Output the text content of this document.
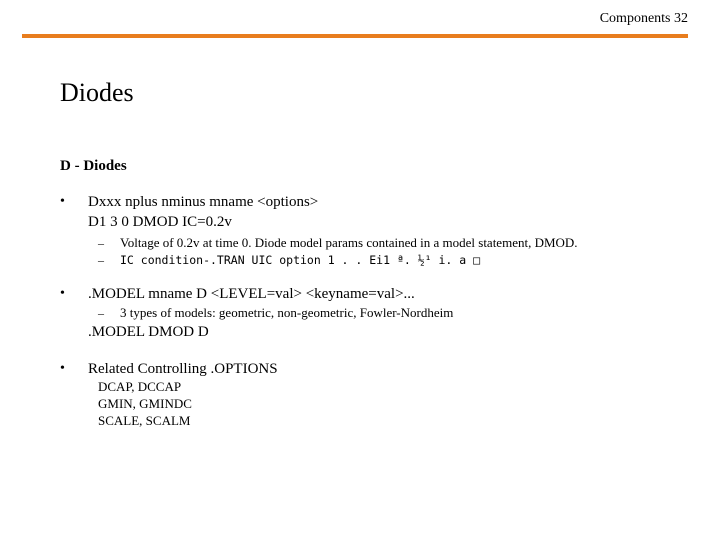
Components 32
Diodes
D - Diodes
• Dxxx nplus nminus mname <options>
D1 3 0 DMOD IC=0.2v
– Voltage of 0.2v at time 0. Diode model params contained in a model statement, DMOD.
– IC condition-.TRAN UIC option 1 . . Ei1 ª. ½¹ i. a □
• .MODEL mname D <LEVEL=val> <keyname=val>...
– 3 types of models: geometric, non-geometric, Fowler-Nordheim
.MODEL DMOD D
• Related Controlling .OPTIONS
DCAP, DCCAP
GMIN, GMINDC
SCALE, SCALM
